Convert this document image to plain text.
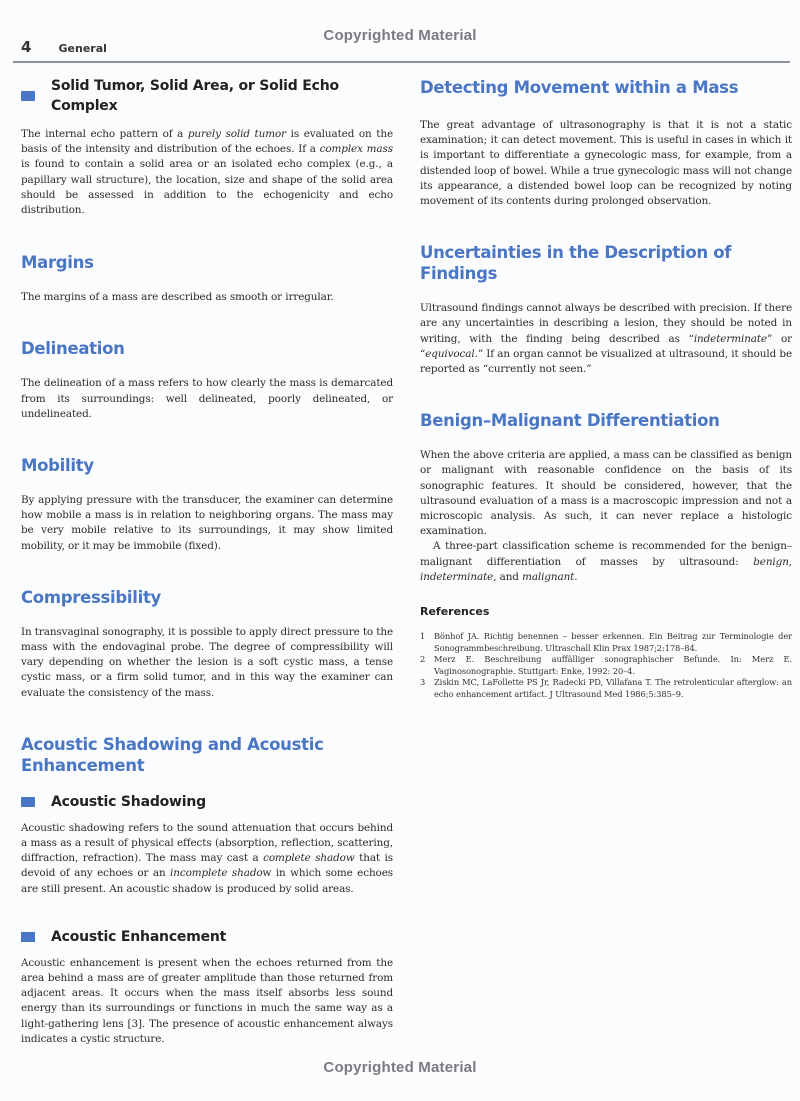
Copyrighted Material
4 General
Solid Tumor, Solid Area, or Solid Echo Complex

The internal echo pattern of a purely solid tumor is evaluated on the basis of the intensity and distribution of the echoes. If a complex mass is found to contain a solid area or an isolated echo complex (e.g., a papillary wall structure), the location, size and shape of the solid area should be assessed in addition to the echogenicity and echo distribution.

Margins

The margins of a mass are described as smooth or irregular.

Delineation

The delineation of a mass refers to how clearly the mass is demarcated from its surroundings: well delineated, poorly delineated, or undelineated.

Mobility

By applying pressure with the transducer, the examiner can determine how mobile a mass is in relation to neighboring organs. The mass may be very mobile relative to its surroundings, it may show limited mobility, or it may be immobile (fixed).

Compressibility

In transvaginal sonography, it is possible to apply direct pressure to the mass with the endovaginal probe. The degree of compressibility will vary depending on whether the lesion is a soft cystic mass, a tense cystic mass, or a firm solid tumor, and in this way the examiner can evaluate the consistency of the mass.

Acoustic Shadowing and Acoustic Enhancement
Acoustic Shadowing

Acoustic shadowing refers to the sound attenuation that occurs behind a mass as a result of physical effects (absorption, reflection, scattering, diffraction, refraction). The mass may cast a complete shadow that is devoid of any echoes or an incomplete shadow in which some echoes are still present. An acoustic shadow is produced by solid areas.

Acoustic Enhancement

Acoustic enhancement is present when the echoes returned from the area behind a mass are of greater amplitude than those returned from adjacent areas. It occurs when the mass itself absorbs less sound energy than its surroundings or functions in much the same way as a light-gathering lens [3]. The presence of acoustic enhancement always indicates a cystic structure.

Detecting Movement within a Mass

The great advantage of ultrasonography is that it is not a static examination; it can detect movement. This is useful in cases in which it is important to differentiate a gynecologic mass, for example, from a distended loop of bowel. While a true gynecologic mass will not change its appearance, a distended bowel loop can be recognized by noting movement of its contents during prolonged observation.

Uncertainties in the Description of Findings

Ultrasound findings cannot always be described with precision. If there are any uncertainties in describing a lesion, they should be noted in writing, with the finding being described as “indeterminate” or “equivocal.” If an organ cannot be visualized at ultrasound, it should be reported as “currently not seen.”

Benign–Malignant Differentiation

When the above criteria are applied, a mass can be classified as benign or malignant with reasonable confidence on the basis of its sonographic features. It should be considered, however, that the ultrasound evaluation of a mass is a macroscopic impression and not a microscopic analysis. As such, it can never replace a histologic examination.

A three-part classification scheme is recommended for the benign–malignant differentiation of masses by ultrasound: benign, indeterminate, and malignant.

References
1	Bönhof JA. Richtig benennen – besser erkennen. Ein Beitrag zur Terminologie der Sonogrammbeschreibung. Ultraschall Klin Prax 1987;2:178–84.
2	Merz E. Beschreibung auffälliger sonographischer Befunde. In: Merz E. Vaginosonographie. Stuttgart: Enke, 1992: 20–4.
3	Ziskin MC, LaFollette PS Jr, Radecki PD, Villafana T. The retrolenticular afterglow: an echo enhancement artifact. J Ultrasound Med 1986;5:385–9.
Copyrighted Material
